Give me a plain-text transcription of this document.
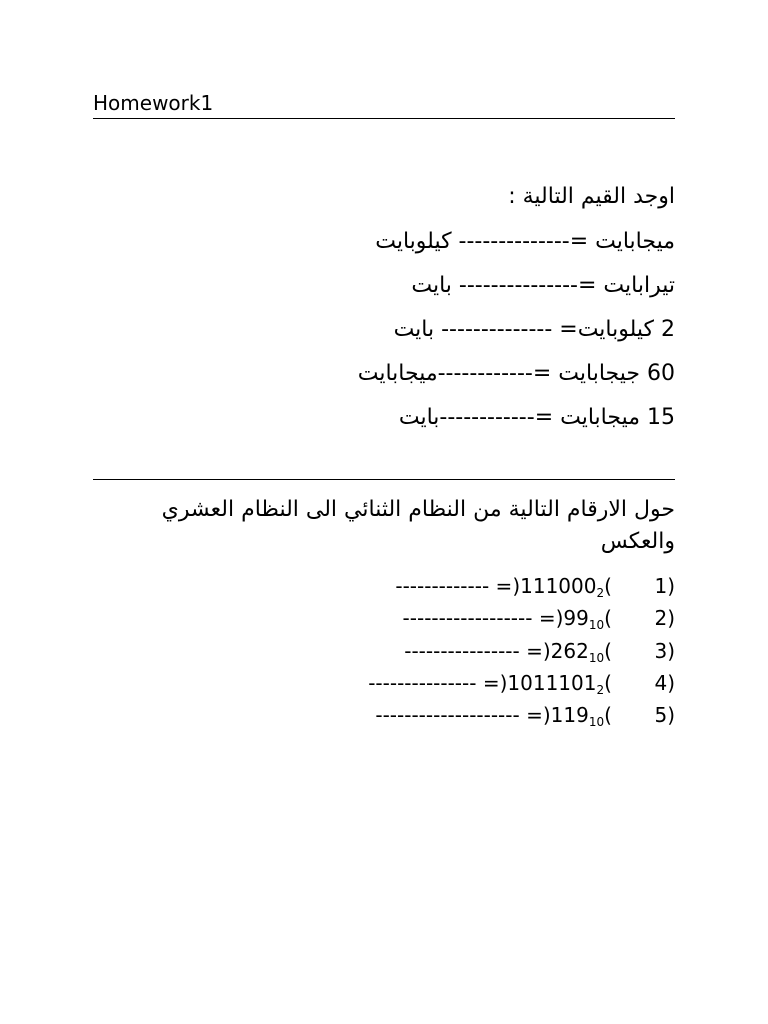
Homework1
اوجد القيم التالية :
ميجابايت =-------------- كيلوبايت
تيرابايت =--------------- بايت
2 كيلوبايت= -------------- بايت
60 جيجابايت =------------ميجابايت
15 ميجابايت =------------بايت
حول الارقام التالية من النظام الثنائي الى النظام العشري والعكس
(1   )$111000_2(=$ -------------
(2   )$99_{10}(=$ ------------------
(3   )$262_{10}(=$ ----------------
(4   )$1011101_2(=$ ---------------
(5   )$119_{10}(=$ --------------------
